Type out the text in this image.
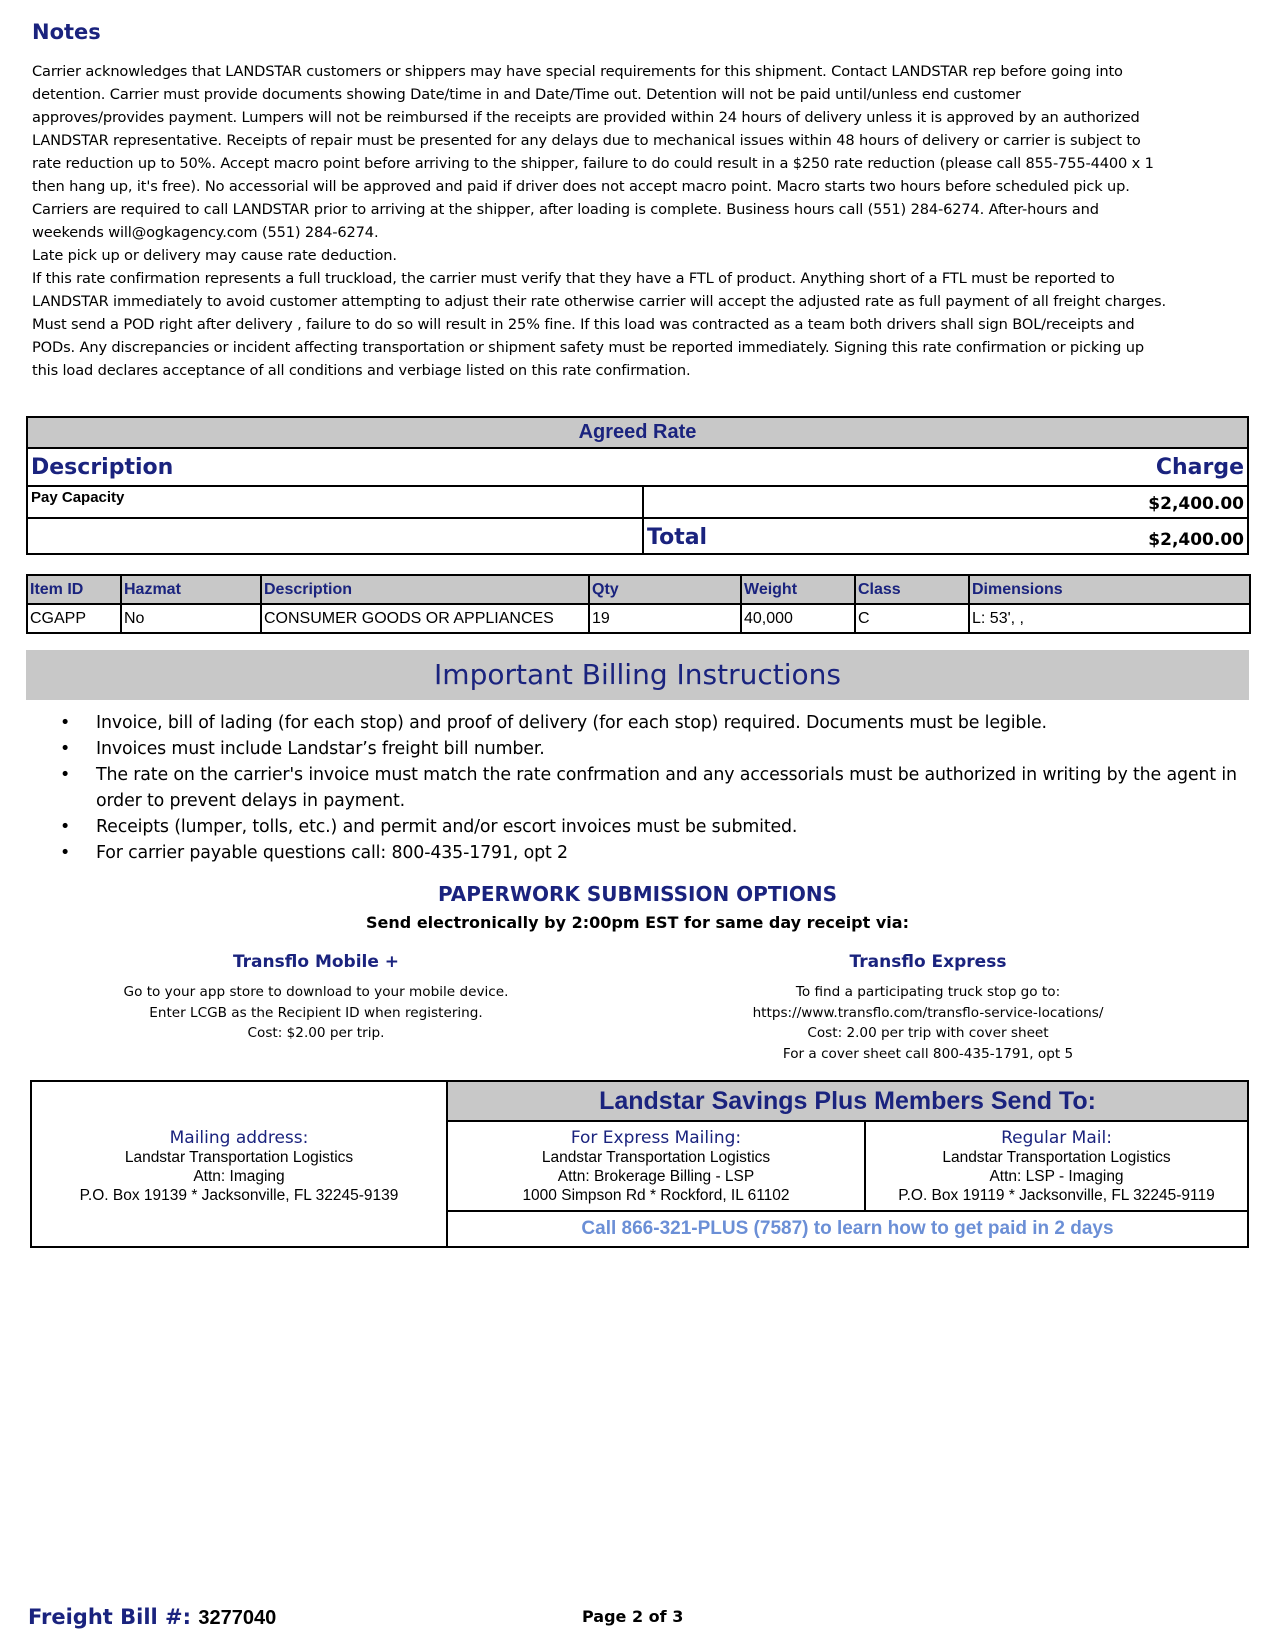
Notes
Carrier acknowledges that LANDSTAR customers or shippers may have special requirements for this shipment. Contact LANDSTAR rep before going into
detention. Carrier must provide documents showing Date/time in and Date/Time out. Detention will not be paid until/unless end customer
approves/provides payment. Lumpers will not be reimbursed if the receipts are provided within 24 hours of delivery unless it is approved by an authorized
LANDSTAR representative. Receipts of repair must be presented for any delays due to mechanical issues within 48 hours of delivery or carrier is subject to
rate reduction up to 50%. Accept macro point before arriving to the shipper, failure to do could result in a $250 rate reduction (please call 855-755-4400 x 1
then hang up, it's free). No accessorial will be approved and paid if driver does not accept macro point. Macro starts two hours before scheduled pick up.
Carriers are required to call LANDSTAR prior to arriving at the shipper, after loading is complete. Business hours call (551) 284-6274. After-hours and
weekends will@ogkagency.com (551) 284-6274.
Late pick up or delivery may cause rate deduction.
If this rate confirmation represents a full truckload, the carrier must verify that they have a FTL of product. Anything short of a FTL must be reported to
LANDSTAR immediately to avoid customer attempting to adjust their rate otherwise carrier will accept the adjusted rate as full payment of all freight charges.
Must send a POD right after delivery , failure to do so will result in 25% fine. If this load was contracted as a team both drivers shall sign BOL/receipts and
PODs. Any discrepancies or incident affecting transportation or shipment safety must be reported immediately. Signing this rate confirmation or picking up
this load declares acceptance of all conditions and verbiage listed on this rate confirmation.
Agreed Rate
Description	Charge
Pay Capacity	$2,400.00
Total	$2,400.00
Item ID	Hazmat	Description	Qty	Weight	Class	Dimensions
CGAPP	No	CONSUMER GOODS OR APPLIANCES	19	40,000	C	L: 53', ,
Important Billing Instructions
• Invoice, bill of lading (for each stop) and proof of delivery (for each stop) required. Documents must be legible.
• Invoices must include Landstar’s freight bill number.
• The rate on the carrier's invoice must match the rate confrmation and any accessorials must be authorized in writing by the agent in order to prevent delays in payment.
• Receipts (lumper, tolls, etc.) and permit and/or escort invoices must be submited.
• For carrier payable questions call: 800-435-1791, opt 2
PAPERWORK SUBMISSION OPTIONS
Send electronically by 2:00pm EST for same day receipt via:
Transflo Mobile +
Go to your app store to download to your mobile device.
Enter LCGB as the Recipient ID when registering.
Cost: $2.00 per trip.
Transflo Express
To find a participating truck stop go to:
https://www.transflo.com/transflo-service-locations/
Cost: 2.00 per trip with cover sheet
For a cover sheet call 800-435-1791, opt 5
Mailing address:
Landstar Transportation Logistics
Attn: Imaging
P.O. Box 19139 * Jacksonville, FL 32245-9139
Landstar Savings Plus Members Send To:
For Express Mailing:
Landstar Transportation Logistics
Attn: Brokerage Billing - LSP
1000 Simpson Rd * Rockford, IL 61102
Regular Mail:
Landstar Transportation Logistics
Attn: LSP - Imaging
P.O. Box 19119 * Jacksonville, FL 32245-9119
Call 866-321-PLUS (7587) to learn how to get paid in 2 days
Freight Bill #: 3277040	Page 2 of 3
